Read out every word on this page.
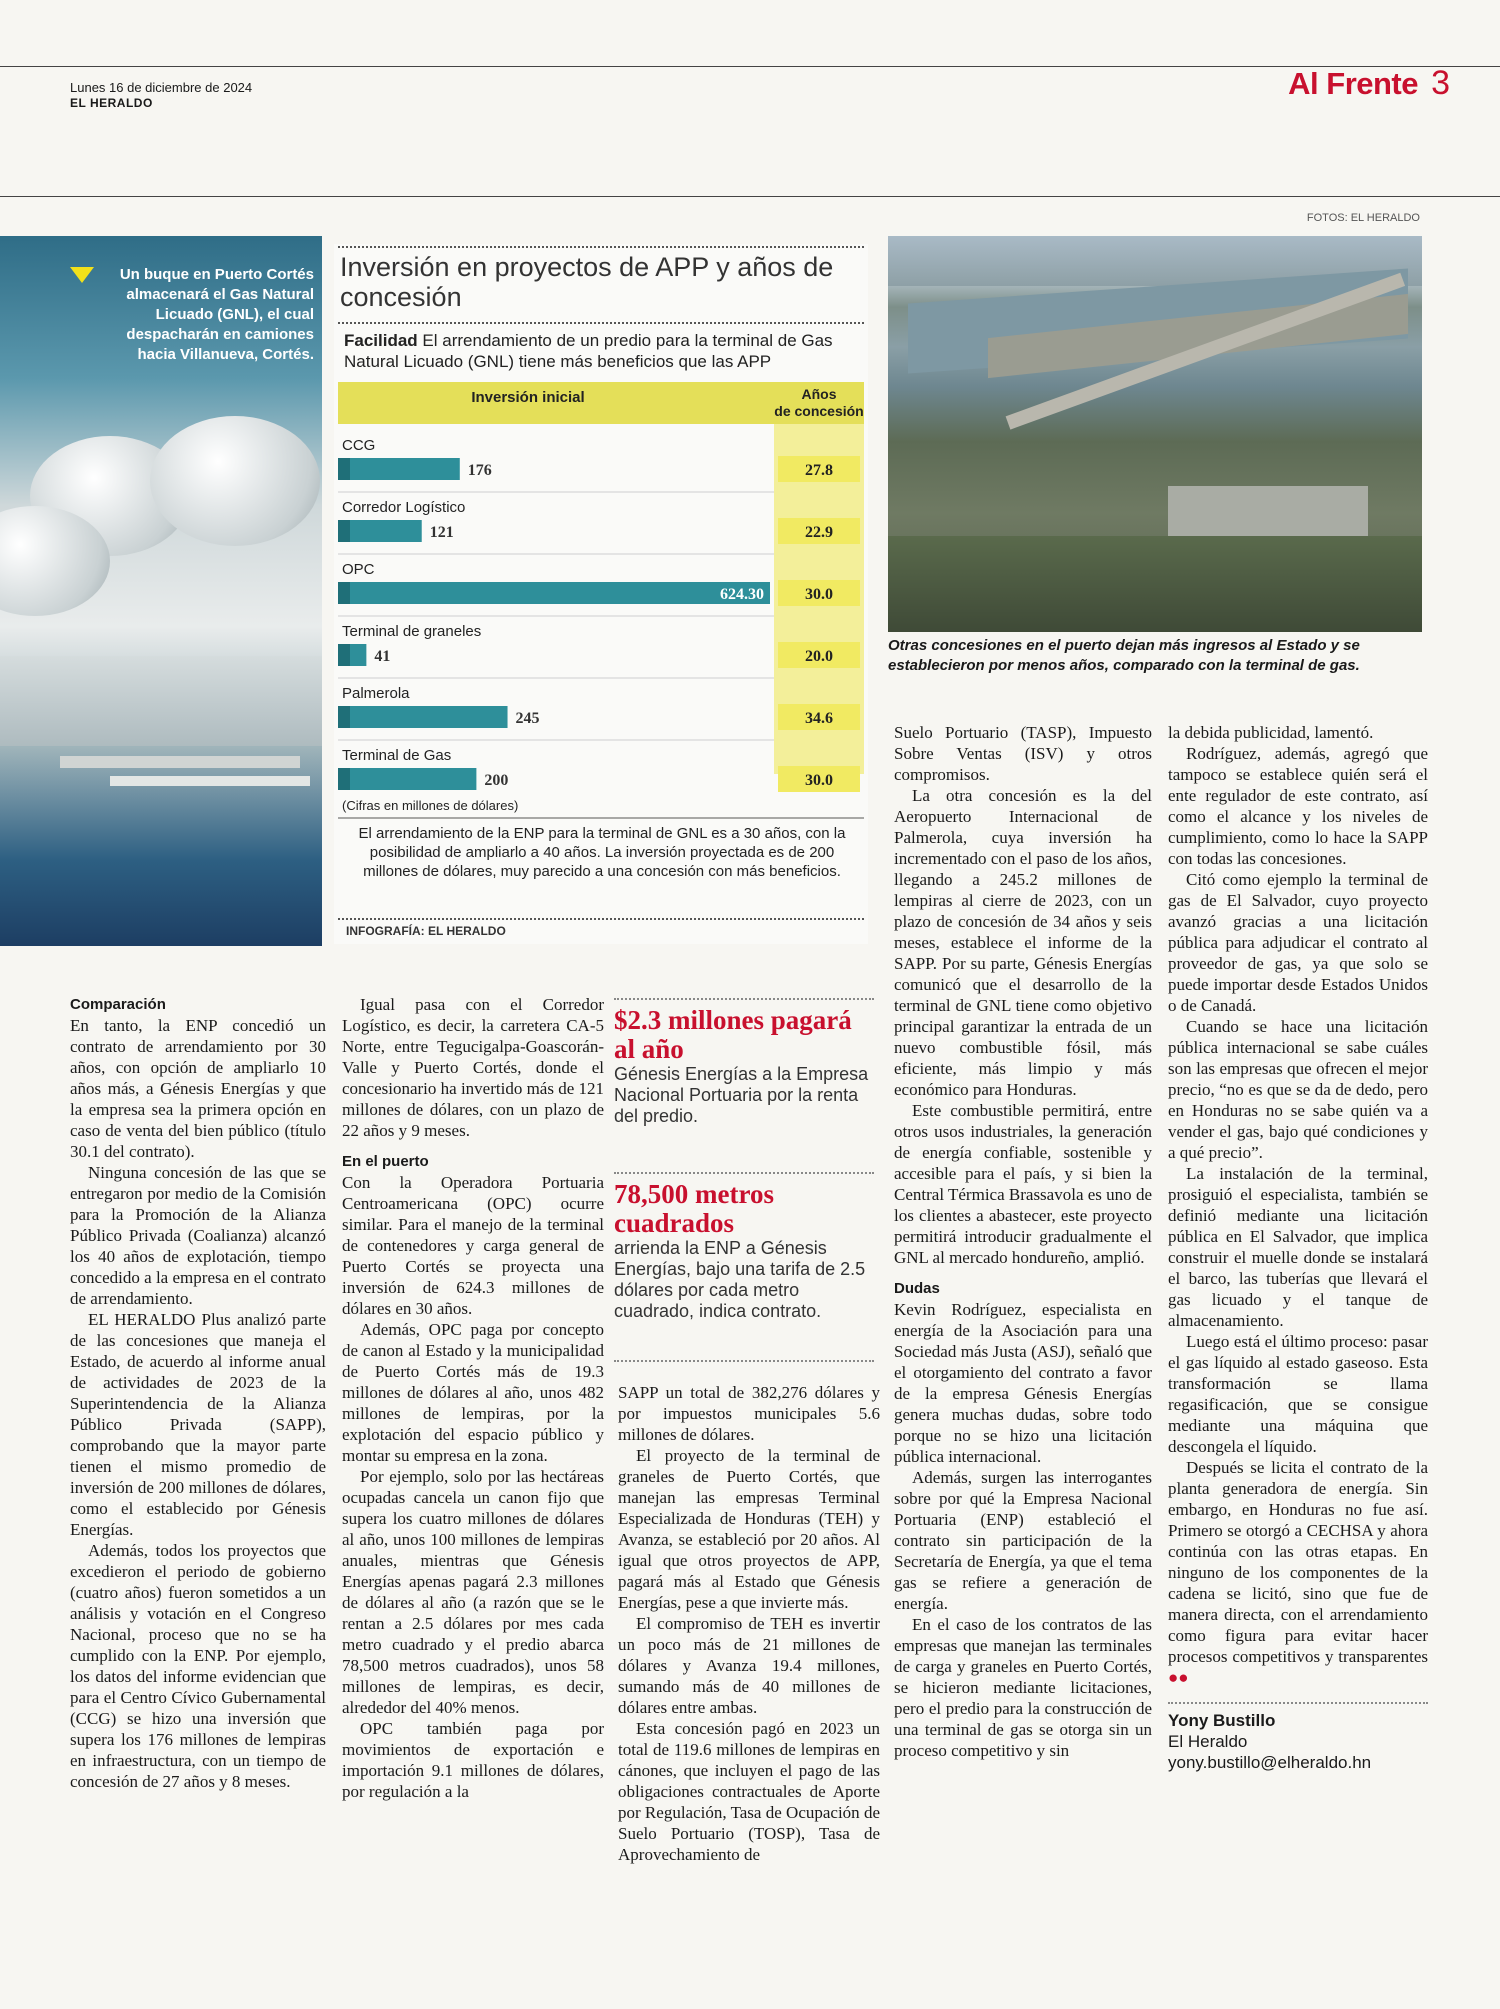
Lunes 16 de diciembre de 2024
EL HERALDO
Al Frente 3
FOTOS: EL HERALDO
Un buque en Puerto Cortés almacenará el Gas Natural Licuado (GNL), el cual despacharán en camiones hacia Villanueva, Cortés.
Inversión en proyectos de APP y años de concesión
Facilidad El arrendamiento de un predio para la terminal de Gas Natural Licuado (GNL) tiene más beneficios que las APP
Inversión inicial	Años de concesión
CCG
176	27.8
Corredor Logístico
121	22.9
OPC
624.30	30.0
Terminal de graneles
41	20.0
Palmerola
245	34.6
Terminal de Gas
200	30.0
(Cifras en millones de dólares)
El arrendamiento de la ENP para la terminal de GNL es a 30 años, con la posibilidad de ampliarlo a 40 años. La inversión proyectada es de 200 millones de dólares, muy parecido a una concesión con más beneficios.
INFOGRAFÍA: EL HERALDO
Otras concesiones en el puerto dejan más ingresos al Estado y se establecieron por menos años, comparado con la terminal de gas.
Comparación

En tanto, la ENP concedió un contrato de arrendamiento por 30 años, con opción de ampliarlo 10 años más, a Génesis Energías y que la empresa sea la primera opción en caso de venta del bien público (título 30.1 del contrato).

Ninguna concesión de las que se entregaron por medio de la Comisión para la Promoción de la Alianza Público Privada (Coalianza) alcanzó los 40 años de explotación, tiempo concedido a la empresa en el contrato de arrendamiento.

EL HERALDO Plus analizó parte de las concesiones que maneja el Estado, de acuerdo al informe anual de actividades de 2023 de la Superintendencia de la Alianza Público Privada (SAPP), comprobando que la mayor parte tienen el mismo promedio de inversión de 200 millones de dólares, como el establecido por Génesis Energías.

Además, todos los proyectos que excedieron el periodo de gobierno (cuatro años) fueron sometidos a un análisis y votación en el Congreso Nacional, proceso que no se ha cumplido con la ENP. Por ejemplo, los datos del informe evidencian que para el Centro Cívico Gubernamental (CCG) se hizo una inversión que supera los 176 millones de lempiras en infraestructura, con un tiempo de concesión de 27 años y 8 meses.

Igual pasa con el Corredor Logístico, es decir, la carretera CA-5 Norte, entre Tegucigalpa-Goascorán-Valle y Puerto Cortés, donde el concesionario ha invertido más de 121 millones de dólares, con un plazo de 22 años y 9 meses.

En el puerto

Con la Operadora Portuaria Centroamericana (OPC) ocurre similar. Para el manejo de la terminal de contenedores y carga general de Puerto Cortés se proyecta una inversión de 624.3 millones de dólares en 30 años.

Además, OPC paga por concepto de canon al Estado y la municipalidad de Puerto Cortés más de 19.3 millones de dólares al año, unos 482 millones de lempiras, por la explotación del espacio público y montar su empresa en la zona.

Por ejemplo, solo por las hectáreas ocupadas cancela un canon fijo que supera los cuatro millones de dólares al año, unos 100 millones de lempiras anuales, mientras que Génesis Energías apenas pagará 2.3 millones de dólares al año (a razón que se le rentan a 2.5 dólares por mes cada metro cuadrado y el predio abarca 78,500 metros cuadrados), unos 58 millones de lempiras, es decir, alrededor del 40% menos.

OPC también paga por movimientos de exportación e importación 9.1 millones de dólares, por regulación a la

$2.3 millones pagará al año
Génesis Energías a la Empresa Nacional Portuaria por la renta del predio.
78,500 metros cuadrados
arrienda la ENP a Génesis Energías, bajo una tarifa de 2.5 dólares por cada metro cuadrado, indica contrato.

SAPP un total de 382,276 dólares y por impuestos municipales 5.6 millones de dólares.

El proyecto de la terminal de graneles de Puerto Cortés, que manejan las empresas Terminal Especializada de Honduras (TEH) y Avanza, se estableció por 20 años. Al igual que otros proyectos de APP, pagará más al Estado que Génesis Energías, pese a que invierte más.

El compromiso de TEH es invertir un poco más de 21 millones de dólares y Avanza 19.4 millones, sumando más de 40 millones de dólares entre ambas.

Esta concesión pagó en 2023 un total de 119.6 millones de lempiras en cánones, que incluyen el pago de las obligaciones contractuales de Aporte por Regulación, Tasa de Ocupación de Suelo Portuario (TOSP), Tasa de Aprovechamiento de

Suelo Portuario (TASP), Impuesto Sobre Ventas (ISV) y otros compromisos.

La otra concesión es la del Aeropuerto Internacional de Palmerola, cuya inversión ha incrementado con el paso de los años, llegando a 245.2 millones de lempiras al cierre de 2023, con un plazo de concesión de 34 años y seis meses, establece el informe de la SAPP. Por su parte, Génesis Energías comunicó que el desarrollo de la terminal de GNL tiene como objetivo principal garantizar la entrada de un nuevo combustible fósil, más eficiente, más limpio y más económico para Honduras.

Este combustible permitirá, entre otros usos industriales, la generación de energía confiable, sostenible y accesible para el país, y si bien la Central Térmica Brassavola es uno de los clientes a abastecer, este proyecto permitirá introducir gradualmente el GNL al mercado hondureño, amplió.

Dudas

Kevin Rodríguez, especialista en energía de la Asociación para una Sociedad más Justa (ASJ), señaló que el otorgamiento del contrato a favor de la empresa Génesis Energías genera muchas dudas, sobre todo porque no se hizo una licitación pública internacional.

Además, surgen las interrogantes sobre por qué la Empresa Nacional Portuaria (ENP) estableció el contrato sin participación de la Secretaría de Energía, ya que el tema gas se refiere a generación de energía.

En el caso de los contratos de las empresas que manejan las terminales de carga y graneles en Puerto Cortés, se hicieron mediante licitaciones, pero el predio para la construcción de una terminal de gas se otorga sin un proceso competitivo y sin

la debida publicidad, lamentó.

Rodríguez, además, agregó que tampoco se establece quién será el ente regulador de este contrato, así como el alcance y los niveles de cumplimiento, como lo hace la SAPP con todas las concesiones.

Citó como ejemplo la terminal de gas de El Salvador, cuyo proyecto avanzó gracias a una licitación pública para adjudicar el contrato al proveedor de gas, ya que solo se puede importar desde Estados Unidos o de Canadá.

Cuando se hace una licitación pública internacional se sabe cuáles son las empresas que ofrecen el mejor precio, “no es que se da de dedo, pero en Honduras no se sabe quién va a vender el gas, bajo qué condiciones y a qué precio”.

La instalación de la terminal, prosiguió el especialista, también se definió mediante una licitación pública en El Salvador, que implica construir el muelle donde se instalará el barco, las tuberías que llevará el gas licuado y el tanque de almacenamiento.

Luego está el último proceso: pasar el gas líquido al estado gaseoso. Esta transformación se llama regasificación, que se consigue mediante una máquina que descongela el líquido.

Después se licita el contrato de la planta generadora de energía. Sin embargo, en Honduras no fue así. Primero se otorgó a CECHSA y ahora continúa con las otras etapas. En ninguno de los componentes de la cadena se licitó, sino que fue de manera directa, con el arrendamiento como figura para evitar hacer procesos competitivos y transparentes ●●

Yony Bustillo

El Heraldo

yony.bustillo@elheraldo.hn
